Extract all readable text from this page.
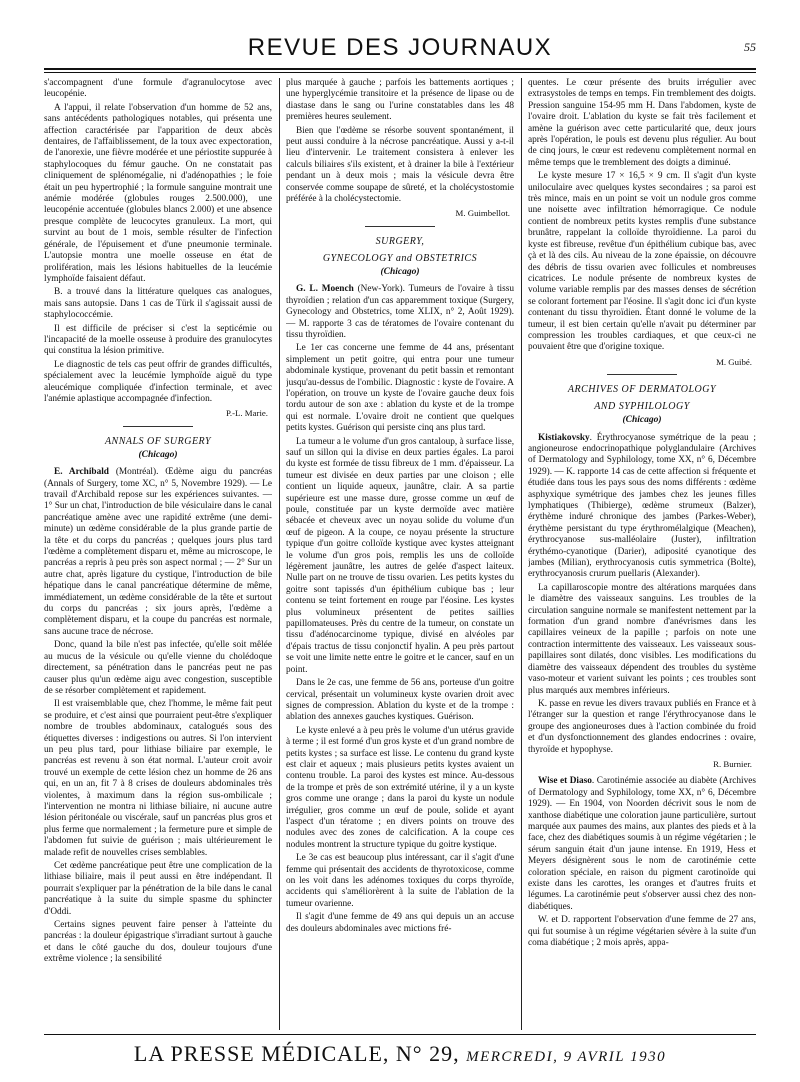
REVUE DES JOURNAUX	55

s'accompagnent d'une formule d'agranulocytose avec leucopénie.

A l'appui, il relate l'observation d'un homme de 52 ans, sans antécédents pathologiques notables, qui présenta une affection caractérisée par l'apparition de deux abcès dentaires, de l'affaiblissement, de la toux avec expectoration, de l'anorexie, une fièvre modérée et une périostite suppurée à staphylocoques du fémur gauche. On ne constatait pas cliniquement de splénomégalie, ni d'adénopathies ; le foie était un peu hypertrophié ; la formule sanguine montrait une anémie modérée (globules rouges 2.500.000), une leucopénie accentuée (globules blancs 2.000) et une absence presque complète de leucocytes granuleux. La mort, qui survint au bout de 1 mois, semble résulter de l'infection générale, de l'épuisement et d'une pneumonie terminale. L'autopsie montra une moelle osseuse en état de prolifération, mais les lésions habituelles de la leucémie lymphoïde faisaient défaut.

B. a trouvé dans la littérature quelques cas analogues, mais sans autopsie. Dans 1 cas de Türk il s'agissait aussi de staphylococcémie.

Il est difficile de préciser si c'est la septicémie ou l'incapacité de la moelle osseuse à produire des granulocytes qui constitua la lésion primitive.

Le diagnostic de tels cas peut offrir de grandes difficultés, spécialement avec la leucémie lymphoïde aiguë du type aleucémique compliquée d'infection terminale, et avec l'anémie aplastique accompagnée d'infection.

P.-L. Marie.
ANNALS OF SURGERY
(Chicago)

E. Archibald (Montréal). Œdème aigu du pancréas (Annals of Surgery, tome XC, n° 5, Novembre 1929). — Le travail d'Archibald repose sur les expériences suivantes. — 1° Sur un chat, l'introduction de bile vésiculaire dans le canal pancréatique amène avec une rapidité extrême (une demi-minute) un œdème considérable de la plus grande partie de la tête et du corps du pancréas ; quelques jours plus tard l'œdème a complètement disparu et, même au microscope, le pancréas a repris à peu près son aspect normal ; — 2° Sur un autre chat, après ligature du cystique, l'introduction de bile hépatique dans le canal pancréatique détermine de même, immédiatement, un œdème considérable de la tête et surtout du corps du pancréas ; six jours après, l'œdème a complètement disparu, et la coupe du pancréas est normale, sans aucune trace de nécrose.

Donc, quand la bile n'est pas infectée, qu'elle soit mêlée au mucus de la vésicule ou qu'elle vienne du cholédoque directement, sa pénétration dans le pancréas peut ne pas causer plus qu'un œdème aigu avec congestion, susceptible de se résorber complètement et rapidement.

Il est vraisemblable que, chez l'homme, le même fait peut se produire, et c'est ainsi que pourraient peut-être s'expliquer nombre de troubles abdominaux, catalogués sous des étiquettes diverses : indigestions ou autres. Si l'on intervient un peu plus tard, pour lithiase biliaire par exemple, le pancréas est revenu à son état normal. L'auteur croit avoir trouvé un exemple de cette lésion chez un homme de 26 ans qui, en un an, fit 7 à 8 crises de douleurs abdominales très violentes, à maximum dans la région sus-ombilicale ; l'intervention ne montra ni lithiase biliaire, ni aucune autre lésion péritonéale ou viscérale, sauf un pancréas plus gros et plus ferme que normalement ; la fermeture pure et simple de l'abdomen fut suivie de guérison ; mais ultérieurement le malade refit de nouvelles crises semblables.

Cet œdème pancréatique peut être une complication de la lithiase biliaire, mais il peut aussi en être indépendant. Il pourrait s'expliquer par la pénétration de la bile dans le canal pancréatique à la suite du simple spasme du sphincter d'Oddi.

Certains signes peuvent faire penser à l'atteinte du pancréas : la douleur épigastrique s'irradiant surtout à gauche et dans le côté gauche du dos, douleur toujours d'une extrême violence ; la sensibilité

plus marquée à gauche ; parfois les battements aortiques ; une hyperglycémie transitoire et la présence de lipase ou de diastase dans le sang ou l'urine constatables dans les 48 premières heures seulement.

Bien que l'œdème se résorbe souvent spontanément, il peut aussi conduire à la nécrose pancréatique. Aussi y a-t-il lieu d'intervenir. Le traitement consistera à enlever les calculs biliaires s'ils existent, et à drainer la bile à l'extérieur pendant un à deux mois ; mais la vésicule devra être conservée comme soupape de sûreté, et la cholécystostomie préférée à la cholécystectomie.

M. Guimbellot.
SURGERY,
GYNECOLOGY and OBSTETRICS
(Chicago)

G. L. Moench (New-York). Tumeurs de l'ovaire à tissu thyroïdien ; relation d'un cas apparemment toxique (Surgery, Gynecology and Obstetrics, tome XLIX, n° 2, Août 1929). — M. rapporte 3 cas de tératomes de l'ovaire contenant du tissu thyroïdien.

Le 1er cas concerne une femme de 44 ans, présentant simplement un petit goitre, qui entra pour une tumeur abdominale kystique, provenant du petit bassin et remontant jusqu'au-dessus de l'ombilic. Diagnostic : kyste de l'ovaire. A l'opération, on trouve un kyste de l'ovaire gauche deux fois tordu autour de son axe : ablation du kyste et de la trompe qui est normale. L'ovaire droit ne contient que quelques petits kystes. Guérison qui persiste cinq ans plus tard.

La tumeur a le volume d'un gros cantaloup, à surface lisse, sauf un sillon qui la divise en deux parties égales. La paroi du kyste est formée de tissu fibreux de 1 mm. d'épaisseur. La tumeur est divisée en deux parties par une cloison ; elle contient un liquide aqueux, jaunâtre, clair. A sa partie supérieure est une masse dure, grosse comme un œuf de poule, constituée par un kyste dermoïde avec matière sébacée et cheveux avec un noyau solide du volume d'un œuf de pigeon. A la coupe, ce noyau présente la structure typique d'un goitre colloïde kystique avec kystes atteignant le volume d'un gros pois, remplis les uns de colloïde légèrement jaunâtre, les autres de gelée d'aspect laiteux. Nulle part on ne trouve de tissu ovarien. Les petits kystes du goitre sont tapissés d'un épithélium cubique bas ; leur contenu se teint fortement en rouge par l'éosine. Les kystes plus volumineux présentent de petites saillies papillomateuses. Près du centre de la tumeur, on constate un tissu d'adénocarcinome typique, divisé en alvéoles par d'épais tractus de tissu conjonctif hyalin. A peu près partout se voit une limite nette entre le goitre et le cancer, sauf en un point.

Dans le 2e cas, une femme de 56 ans, porteuse d'un goitre cervical, présentait un volumineux kyste ovarien droit avec signes de compression. Ablation du kyste et de la trompe : ablation des annexes gauches kystiques. Guérison.

Le kyste enlevé a à peu près le volume d'un utérus gravide à terme ; il est formé d'un gros kyste et d'un grand nombre de petits kystes ; sa surface est lisse. Le contenu du grand kyste est clair et aqueux ; mais plusieurs petits kystes avaient un contenu trouble. La paroi des kystes est mince. Au-dessous de la trompe et près de son extrémité utérine, il y a un kyste gros comme une orange ; dans la paroi du kyste un nodule irrégulier, gros comme un œuf de poule, solide et ayant l'aspect d'un tératome ; en divers points on trouve des nodules avec des zones de calcification. A la coupe ces nodules montrent la structure typique du goitre kystique.

Le 3e cas est beaucoup plus intéressant, car il s'agit d'une femme qui présentait des accidents de thyrotoxicose, comme on les voit dans les adénomes toxiques du corps thyroïde, accidents qui s'améliorèrent à la suite de l'ablation de la tumeur ovarienne.

Il s'agit d'une femme de 49 ans qui depuis un an accuse des douleurs abdominales avec mictions fré-

quentes. Le cœur présente des bruits irrégulier avec extrasystoles de temps en temps. Fin tremblement des doigts. Pression sanguine 154-95 mm H. Dans l'abdomen, kyste de l'ovaire droit. L'ablation du kyste se fait très facilement et amène la guérison avec cette particularité que, deux jours après l'opération, le pouls est devenu plus régulier. Au bout de cinq jours, le cœur est redevenu complètement normal en même temps que le tremblement des doigts a diminué.

Le kyste mesure 17 × 16,5 × 9 cm. Il s'agit d'un kyste uniloculaire avec quelques kystes secondaires ; sa paroi est très mince, mais en un point se voit un nodule gros comme une noisette avec infiltration hémorragique. Ce nodule contient de nombreux petits kystes remplis d'une substance brunâtre, rappelant la colloïde thyroïdienne. La paroi du kyste est fibreuse, revêtue d'un épithélium cubique bas, avec çà et là des cils. Au niveau de la zone épaissie, on découvre des débris de tissu ovarien avec follicules et nombreuses cicatrices. Le nodule présente de nombreux kystes de volume variable remplis par des masses denses de sécrétion se colorant fortement par l'éosine. Il s'agit donc ici d'un kyste contenant du tissu thyroïdien. Étant donné le volume de la tumeur, il est bien certain qu'elle n'avait pu déterminer par compression les troubles cardiaques, et que ceux-ci ne pouvaient être que d'origine toxique.

M. Guibé.
ARCHIVES OF DERMATOLOGY
AND SYPHILOLOGY
(Chicago)

Kistiakovsky. Érythrocyanose symétrique de la peau ; angioneurose endocrinopathique polyglandulaire (Archives of Dermatology and Syphilology, tome XX, n° 6, Décembre 1929). — K. rapporte 14 cas de cette affection si fréquente et étudiée dans tous les pays sous des noms différents : œdème asphyxique symétrique des jambes chez les jeunes filles lymphatiques (Thibierge), œdème strumeux (Balzer), érythème induré chronique des jambes (Parkes-Weber), érythème persistant du type érythromélalgique (Meachen), érythrocyanose sus-malléolaire (Juster), infiltration érythémo-cyanotique (Darier), adiposité cyanotique des jambes (Milian), erythrocyanosis cutis symmetrica (Bolte), erythrocyanosis crurum puellaris (Alexander).

La capillaroscopie montre des altérations marquées dans le diamètre des vaisseaux sanguins. Les troubles de la circulation sanguine normale se manifestent nettement par la formation d'un grand nombre d'anévrismes dans les capillaires veineux de la papille ; parfois on note une contraction intermittente des vaisseaux. Les vaisseaux sous-papillaires sont dilatés, donc visibles. Les modifications du diamètre des vaisseaux dépendent des troubles du système vaso-moteur et varient suivant les points ; ces troubles sont plus marqués aux membres inférieurs.

K. passe en revue les divers travaux publiés en France et à l'étranger sur la question et range l'érythrocyanose dans le groupe des angioneuroses dues à l'action combinée du froid et d'un dysfonctionnement des glandes endocrines : ovaire, thyroïde et hypophyse.

R. Burnier.

Wise et Diaso. Carotinémie associée au diabète (Archives of Dermatology and Syphilology, tome XX, n° 6, Décembre 1929). — En 1904, von Noorden décrivit sous le nom de xanthose diabétique une coloration jaune particulière, surtout marquée aux paumes des mains, aux plantes des pieds et à la face, chez des diabétiques soumis à un régime végétarien ; le sérum sanguin était d'un jaune intense. En 1919, Hess et Meyers désignèrent sous le nom de carotinémie cette coloration spéciale, en raison du pigment carotinoïde qui existe dans les carottes, les oranges et d'autres fruits et légumes. La carotinémie peut s'observer aussi chez des non-diabétiques.

W. et D. rapportent l'observation d'une femme de 27 ans, qui fut soumise à un régime végétarien sévère à la suite d'un coma diabétique ; 2 mois après, appa-

LA PRESSE MÉDICALE, N° 29, MERCREDI, 9 AVRIL 1930
